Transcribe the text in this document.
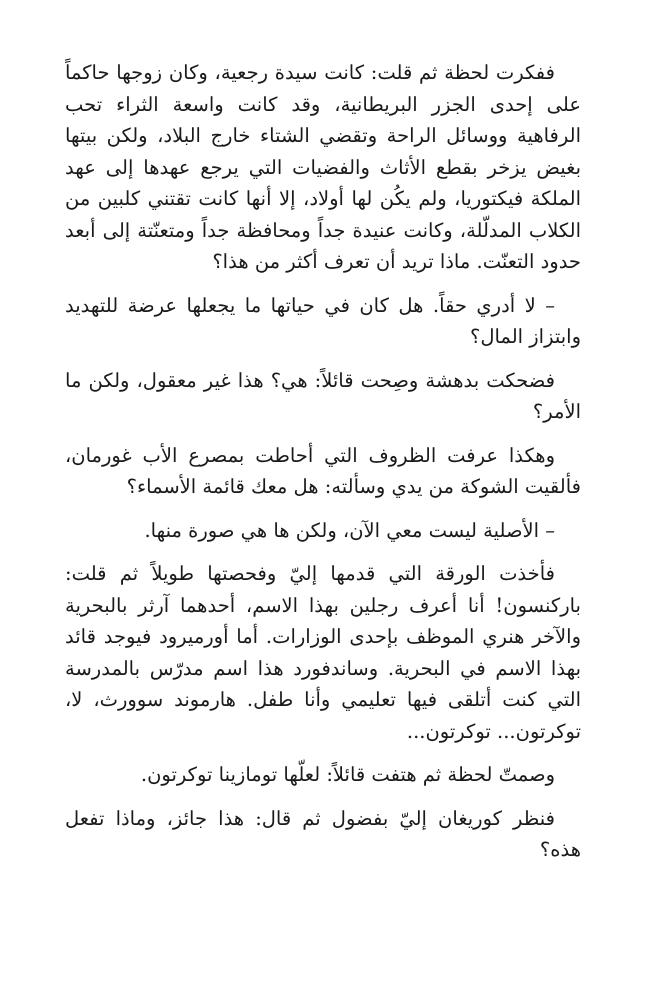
ففكرت لحظة ثم قلت: كانت سيدة رجعية، وكان زوجها حاكماً على إحدى الجزر البريطانية، وقد كانت واسعة الثراء تحب الرفاهية ووسائل الراحة وتقضي الشتاء خارج البلاد، ولكن بيتها بغيض يزخر بقطع الأثاث والفضيات التي يرجع عهدها إلى عهد الملكة فيكتوريا، ولم يكُن لها أولاد، إلا أنها كانت تقتني كلبين من الكلاب المدلّلة، وكانت عنيدة جداً ومحافظة جداً ومتعنّتة إلى أبعد حدود التعنّت. ماذا تريد أن تعرف أكثر من هذا؟

– لا أدري حقاً. هل كان في حياتها ما يجعلها عرضة للتهديد وابتزاز المال؟

فضحكت بدهشة وصِحت قائلاً: هي؟ هذا غير معقول، ولكن ما الأمر؟

وهكذا عرفت الظروف التي أحاطت بمصرع الأب غورمان، فألقيت الشوكة من يدي وسألته: هل معك قائمة الأسماء؟

– الأصلية ليست معي الآن، ولكن ها هي صورة منها.

فأخذت الورقة التي قدمها إليّ وفحصتها طويلاً ثم قلت: باركنسون! أنا أعرف رجلين بهذا الاسم، أحدهما آرثر بالبحرية والآخر هنري الموظف بإحدى الوزارات. أما أورميرود فيوجد قائد بهذا الاسم في البحرية. وساندفورد هذا اسم مدرّس بالمدرسة التي كنت أتلقى فيها تعليمي وأنا طفل. هارموند سوورث، لا، توكرتون... توكرتون...

وصمتّ لحظة ثم هتفت قائلاً: لعلّها تومازينا توكرتون.

فنظر كوريغان إليّ بفضول ثم قال: هذا جائز، وماذا تفعل هذه؟
